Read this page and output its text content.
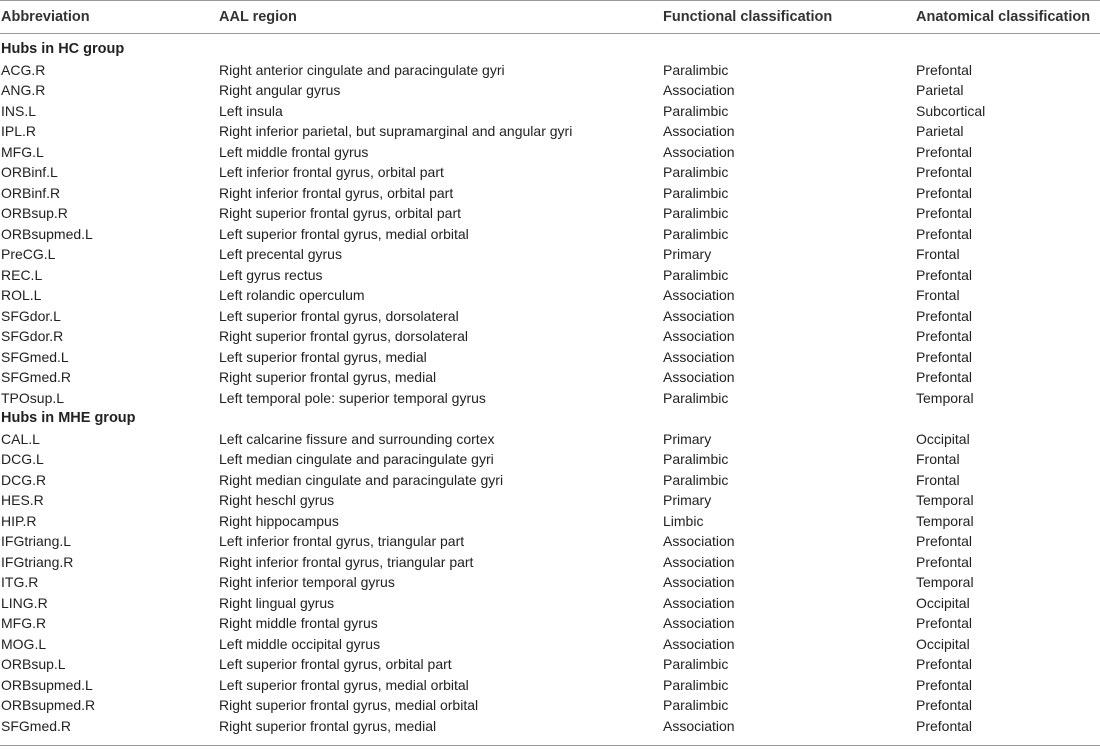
Abbreviation	AAL region	Functional classification	Anatomical classification
Hubs in HC group
ACG.R	Right anterior cingulate and paracingulate gyri	Paralimbic	Prefontal
ANG.R	Right angular gyrus	Association	Parietal
INS.L	Left insula	Paralimbic	Subcortical
IPL.R	Right inferior parietal, but supramarginal and angular gyri	Association	Parietal
MFG.L	Left middle frontal gyrus	Association	Prefontal
ORBinf.L	Left inferior frontal gyrus, orbital part	Paralimbic	Prefontal
ORBinf.R	Right inferior frontal gyrus, orbital part	Paralimbic	Prefontal
ORBsup.R	Right superior frontal gyrus, orbital part	Paralimbic	Prefontal
ORBsupmed.L	Left superior frontal gyrus, medial orbital	Paralimbic	Prefontal
PreCG.L	Left precental gyrus	Primary	Frontal
REC.L	Left gyrus rectus	Paralimbic	Prefontal
ROL.L	Left rolandic operculum	Association	Frontal
SFGdor.L	Left superior frontal gyrus, dorsolateral	Association	Prefontal
SFGdor.R	Right superior frontal gyrus, dorsolateral	Association	Prefontal
SFGmed.L	Left superior frontal gyrus, medial	Association	Prefontal
SFGmed.R	Right superior frontal gyrus, medial	Association	Prefontal
TPOsup.L	Left temporal pole: superior temporal gyrus	Paralimbic	Temporal
Hubs in MHE group
CAL.L	Left calcarine fissure and surrounding cortex	Primary	Occipital
DCG.L	Left median cingulate and paracingulate gyri	Paralimbic	Frontal
DCG.R	Right median cingulate and paracingulate gyri	Paralimbic	Frontal
HES.R	Right heschl gyrus	Primary	Temporal
HIP.R	Right hippocampus	Limbic	Temporal
IFGtriang.L	Left inferior frontal gyrus, triangular part	Association	Prefontal
IFGtriang.R	Right inferior frontal gyrus, triangular part	Association	Prefontal
ITG.R	Right inferior temporal gyrus	Association	Temporal
LING.R	Right lingual gyrus	Association	Occipital
MFG.R	Right middle frontal gyrus	Association	Prefontal
MOG.L	Left middle occipital gyrus	Association	Occipital
ORBsup.L	Left superior frontal gyrus, orbital part	Paralimbic	Prefontal
ORBsupmed.L	Left superior frontal gyrus, medial orbital	Paralimbic	Prefontal
ORBsupmed.R	Right superior frontal gyrus, medial orbital	Paralimbic	Prefontal
SFGmed.R	Right superior frontal gyrus, medial	Association	Prefontal
